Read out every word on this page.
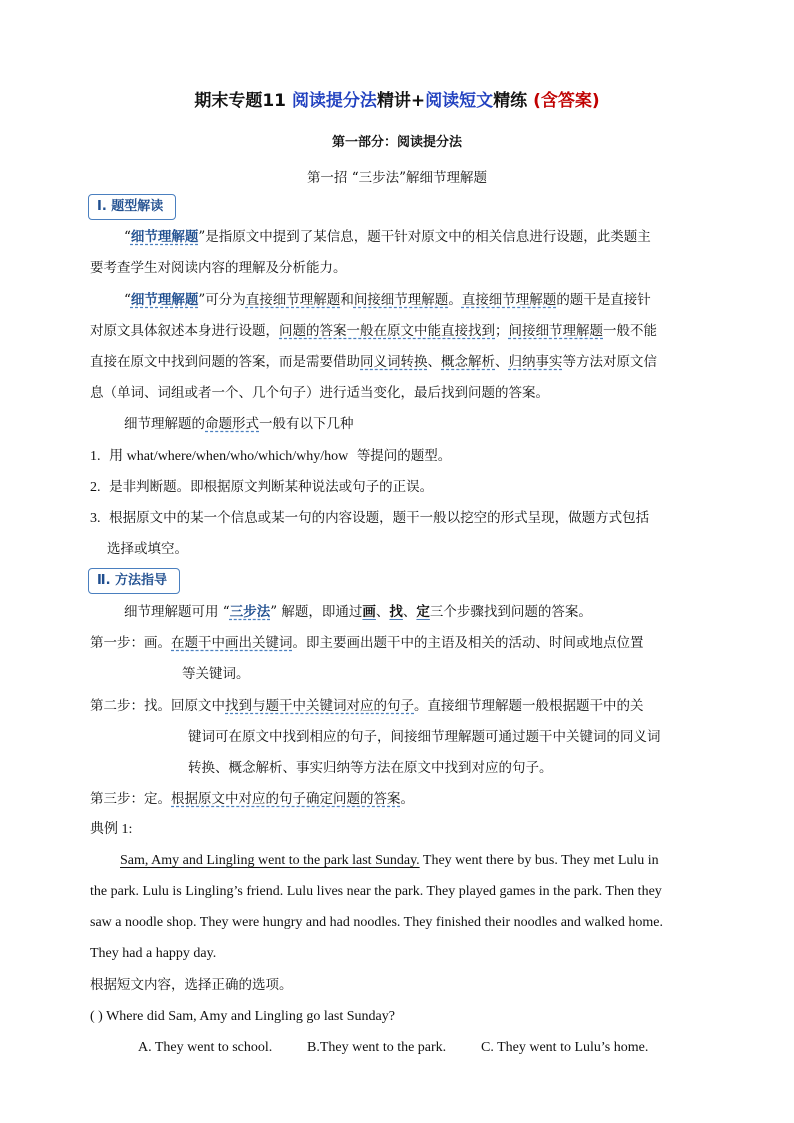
期末专题11 阅读提分法精讲+阅读短文精练 (含答案)
第一部分：阅读提分法
第一招 “三步法”解细节理解题
Ⅰ. 题型解读
“细节理解题”是指原文中提到了某信息，题干针对原文中的相关信息进行设题，此类题主
要考查学生对阅读内容的理解及分析能力。
“细节理解题”可分为直接细节理解题和间接细节理解题。直接细节理解题的题干是直接针
对原文具体叙述本身进行设题，问题的答案一般在原文中能直接找到；间接细节理解题一般不能
直接在原文中找到问题的答案，而是需要借助同义词转换、概念解析、归纳事实等方法对原文信
息（单词、词组或者一个、几个句子）进行适当变化，最后找到问题的答案。
细节理解题的命题形式一般有以下几种
1. 用 what/where/when/who/which/why/how 等提问的题型。
2. 是非判断题。即根据原文判断某种说法或句子的正误。
3. 根据原文中的某一个信息或某一句的内容设题，题干一般以挖空的形式呈现，做题方式包括
选择或填空。
Ⅱ. 方法指导
细节理解题可用 “三步法” 解题，即通过画、找、定三个步骤找到问题的答案。
第一步：画。在题干中画出关键词。即主要画出题干中的主语及相关的活动、时间或地点位置
等关键词。
第二步：找。回原文中找到与题干中关键词对应的句子。直接细节理解题一般根据题干中的关
键词可在原文中找到相应的句子，间接细节理解题可通过题干中关键词的同义词
转换、概念解析、事实归纳等方法在原文中找到对应的句子。
第三步：定。根据原文中对应的句子确定问题的答案。
典例 1:
Sam, Amy and Lingling went to the park last Sunday. They went there by bus. They met Lulu in
the park. Lulu is Lingling’s friend. Lulu lives near the park. They played games in the park. Then they
saw a noodle shop. They were hungry and had noodles. They finished their noodles and walked home.
They had a happy day.
根据短文内容，选择正确的选项。
( ) Where did Sam, Amy and Lingling go last Sunday?
A. They went to school. B.They went to the park. C. They went to Lulu’s home.
